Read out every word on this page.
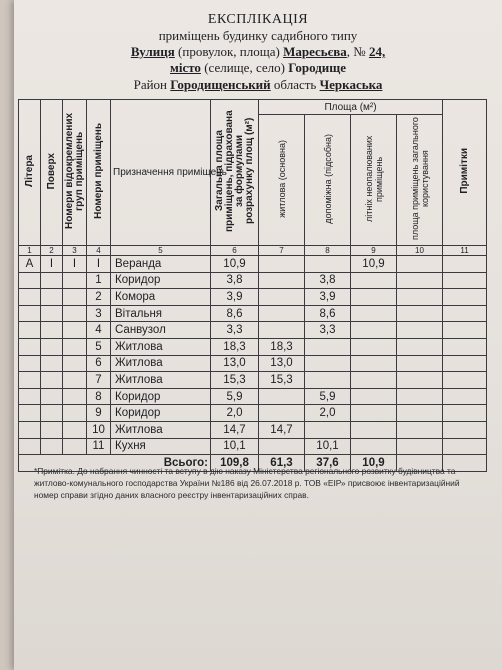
ЕКСПЛІКАЦІЯ
приміщень будинку садибного типу
Вулиця (провулок, площа) Маресьєва, № 24,
місто (селище, село) Городище
Район Городищенський область Черкаська
Літера	Поверх	Номери відокремлених груп приміщень	Номери приміщень	Призначення приміщень	Загальна площа приміщень, підрахована за формулами розрахунку площ (м²)	Площа (м²)				Примітки
						житлова (основна)	допоміжна (підсобна)	літніх неопалюваних приміщень	площа приміщень загального користування	
1	2	3	4	5	6	7	8	9	10	11
А	I	I	I	Веранда	10,9			10,9		
			1	Коридор	3,8		3,8			
			2	Комора	3,9		3,9			
			3	Вітальня	8,6		8,6			
			4	Санвузол	3,3		3,3			
			5	Житлова	18,3	18,3				
			6	Житлова	13,0	13,0				
			7	Житлова	15,3	15,3				
			8	Коридор	5,9		5,9			
			9	Коридор	2,0		2,0			
			10	Житлова	14,7	14,7				
			11	Кухня	10,1		10,1			
Всього:					109,8	61,3	37,6	10,9		
*Примітка. До набрання чинності та вступу в дію наказу Міністерства регіонального розвитку будівництва та житлово-комунального господарства України №186 від 26.07.2018 р. ТОВ «ЕІР» присвоює інвентаризаційний номер справи згідно даних власного реєстру інвентаризаційних справ.
